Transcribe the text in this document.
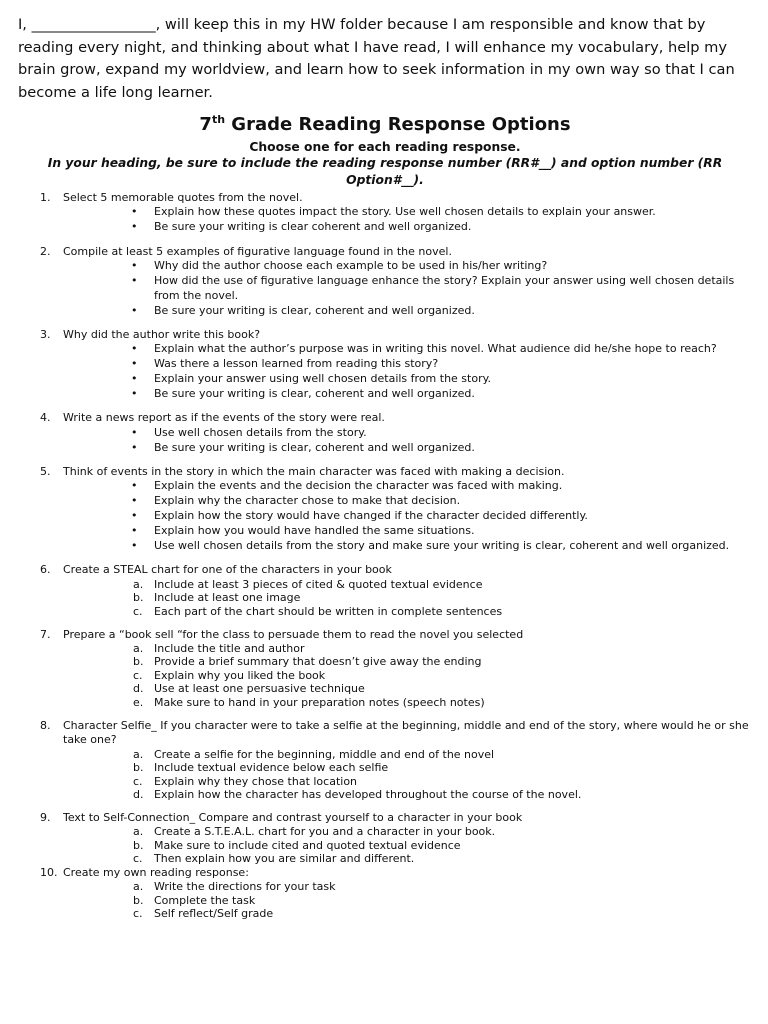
I, _________________, will keep this in my HW folder because I am responsible and know that by reading every night, and thinking about what I have read, I will enhance my vocabulary, help my brain grow, expand my worldview, and learn how to seek information in my own way so that I can become a life long learner.

7th Grade Reading Response Options

Choose one for each reading response.

In your heading, be sure to include the reading response number (RR#__) and option number (RR Option#__).

1. Select 5 memorable quotes from the novel.
• Explain how these quotes impact the story. Use well chosen details to explain your answer.
• Be sure your writing is clear coherent and well organized.
2. Compile at least 5 examples of figurative language found in the novel.
• Why did the author choose each example to be used in his/her writing?
• How did the use of figurative language enhance the story? Explain your answer using well chosen details from the novel.
• Be sure your writing is clear, coherent and well organized.
3. Why did the author write this book?
• Explain what the author’s purpose was in writing this novel. What audience did he/she hope to reach?
• Was there a lesson learned from reading this story?
• Explain your answer using well chosen details from the story.
• Be sure your writing is clear, coherent and well organized.
4. Write a news report as if the events of the story were real.
• Use well chosen details from the story.
• Be sure your writing is clear, coherent and well organized.
5. Think of events in the story in which the main character was faced with making a decision.
• Explain the events and the decision the character was faced with making.
• Explain why the character chose to make that decision.
• Explain how the story would have changed if the character decided differently.
• Explain how you would have handled the same situations.
• Use well chosen details from the story and make sure your writing is clear, coherent and well organized.
6. Create a STEAL chart for one of the characters in your book
a. Include at least 3 pieces of cited & quoted textual evidence
b. Include at least one image
c. Each part of the chart should be written in complete sentences
7. Prepare a “book sell “for the class to persuade them to read the novel you selected
a. Include the title and author
b. Provide a brief summary that doesn’t give away the ending
c. Explain why you liked the book
d. Use at least one persuasive technique
e. Make sure to hand in your preparation notes (speech notes)
8. Character Selfie_ If you character were to take a selfie at the beginning, middle and end of the story, where would he or she take one?
a. Create a selfie for the beginning, middle and end of the novel
b. Include textual evidence below each selfie
c. Explain why they chose that location
d. Explain how the character has developed throughout the course of the novel.
9. Text to Self-Connection_ Compare and contrast yourself to a character in your book
a. Create a S.T.E.A.L. chart for you and a character in your book.
b. Make sure to include cited and quoted textual evidence
c. Then explain how you are similar and different.
10. Create my own reading response:
a. Write the directions for your task
b. Complete the task
c. Self reflect/Self grade
